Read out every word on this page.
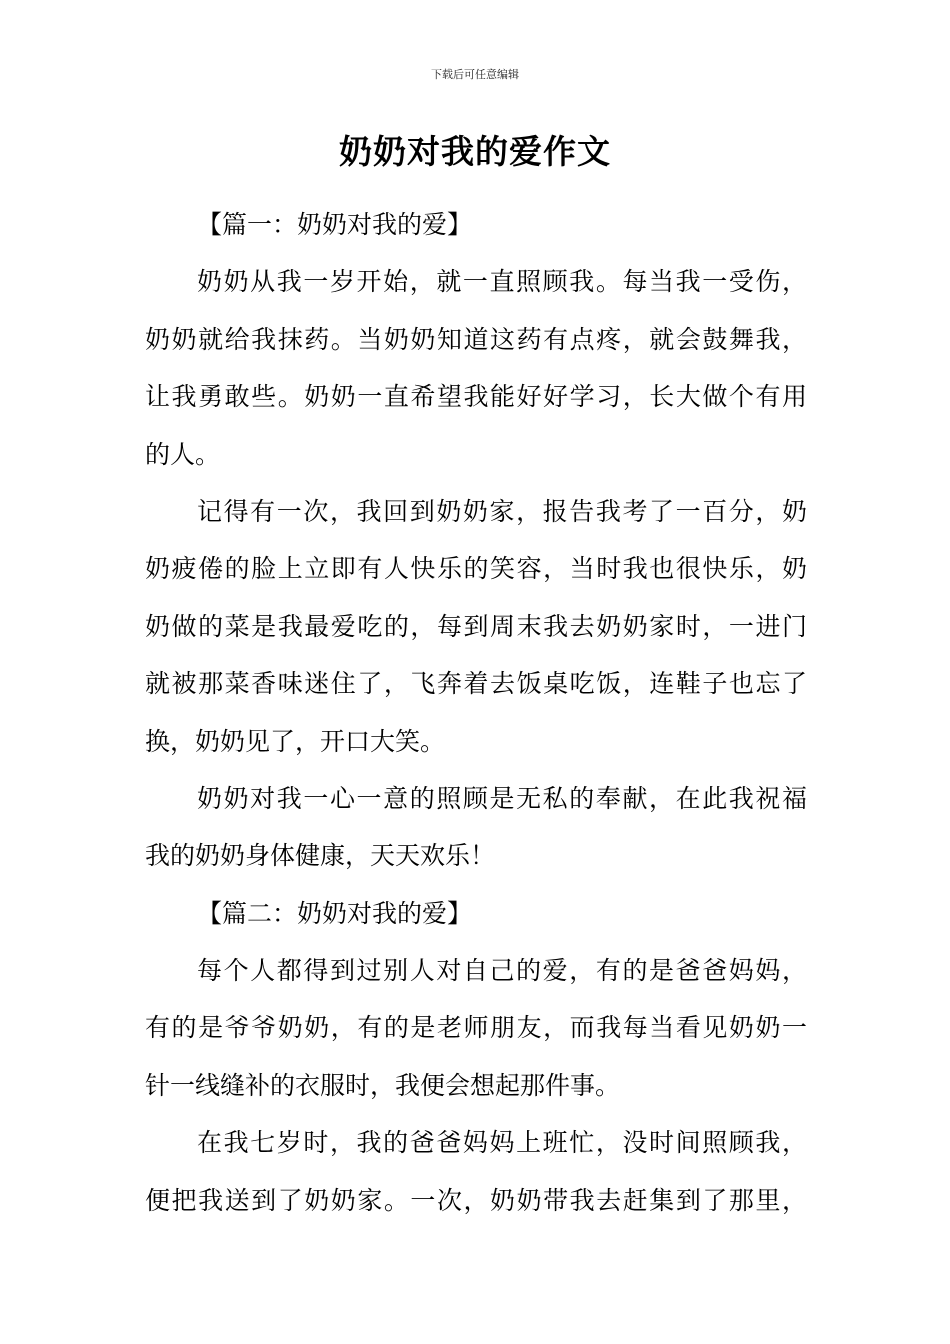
下载后可任意编辑
奶奶对我的爱作文
【篇一：奶奶对我的爱】
奶奶从我一岁开始，就一直照顾我。每当我一受伤，
奶奶就给我抹药。当奶奶知道这药有点疼，就会鼓舞我，
让我勇敢些。奶奶一直希望我能好好学习，长大做个有用
的人。
记得有一次，我回到奶奶家，报告我考了一百分，奶
奶疲倦的脸上立即有人快乐的笑容，当时我也很快乐，奶
奶做的菜是我最爱吃的，每到周末我去奶奶家时，一进门
就被那菜香味迷住了，飞奔着去饭桌吃饭，连鞋子也忘了
换，奶奶见了，开口大笑。
奶奶对我一心一意的照顾是无私的奉献，在此我祝福
我的奶奶身体健康，天天欢乐！
【篇二：奶奶对我的爱】
每个人都得到过别人对自己的爱，有的是爸爸妈妈，
有的是爷爷奶奶，有的是老师朋友，而我每当看见奶奶一
针一线缝补的衣服时，我便会想起那件事。
在我七岁时，我的爸爸妈妈上班忙，没时间照顾我，
便把我送到了奶奶家。一次，奶奶带我去赶集到了那里，
